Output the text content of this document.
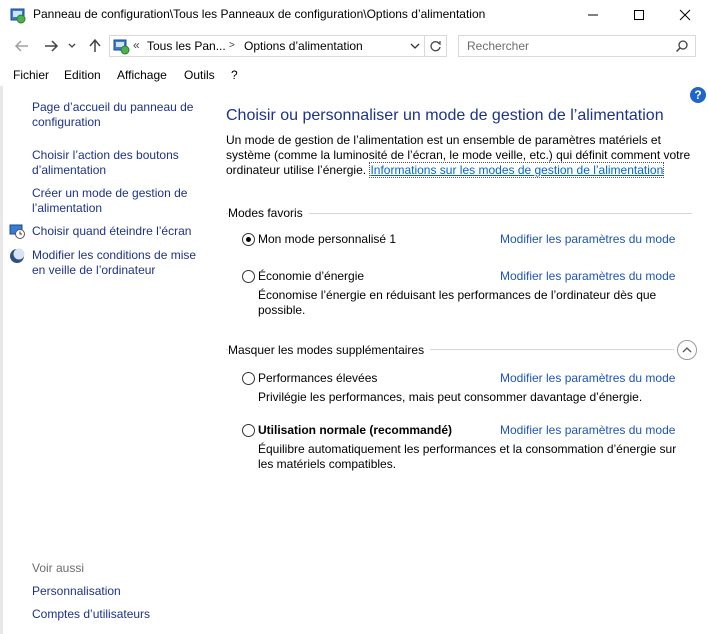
Panneau de configuration\Tous les Panneaux de configuration\Options d’alimentation
« Tous les Pan... > Options d’alimentation
Rechercher
Fichier Edition Affichage Outils ?
Page d’accueil du panneau de configuration
Choisir l’action des boutons d’alimentation
Créer un mode de gestion de l’alimentation
Choisir quand éteindre l’écran
Modifier les conditions de mise en veille de l’ordinateur
Voir aussi
Personnalisation
Comptes d’utilisateurs
?
Choisir ou personnaliser un mode de gestion de l’alimentation
Un mode de gestion de l’alimentation est un ensemble de paramètres matériels et système (comme la luminosité de l’écran, le mode veille, etc.) qui définit comment votre ordinateur utilise l’énergie. Informations sur les modes de gestion de l’alimentation
Modes favoris
Mon mode personnalisé 1	Modifier les paramètres du mode
Économie d’énergie	Modifier les paramètres du mode
Économise l’énergie en réduisant les performances de l’ordinateur dès que possible.
Masquer les modes supplémentaires
Performances élevées	Modifier les paramètres du mode
Privilégie les performances, mais peut consommer davantage d’énergie.
Utilisation normale (recommandé)	Modifier les paramètres du mode
Équilibre automatiquement les performances et la consommation d’énergie sur les matériels compatibles.
